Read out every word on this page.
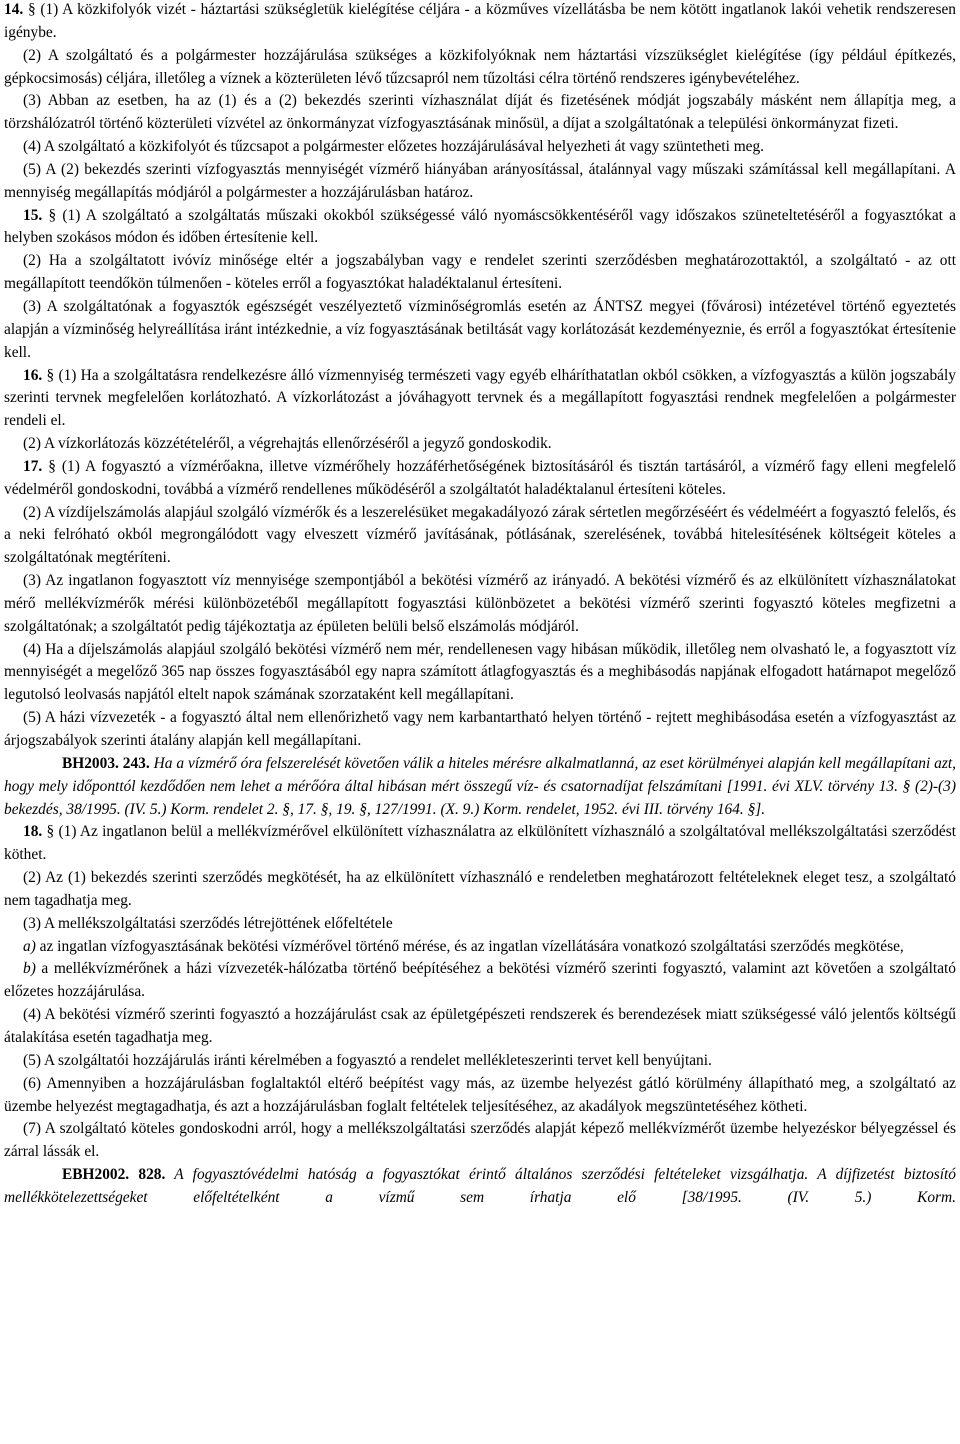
14. § (1) A közkifolyók vizét - háztartási szükségletük kielégítése céljára - a közműves vízellátásba be nem kötött ingatlanok lakói vehetik rendszeresen igénybe.

(2) A szolgáltató és a polgármester hozzájárulása szükséges a közkifolyóknak nem háztartási vízszükséglet kielégítése (így például építkezés, gépkocsimosás) céljára, illetőleg a víznek a közterületen lévő tűzcsapról nem tűzoltási célra történő rendszeres igénybevételéhez.

(3) Abban az esetben, ha az (1) és a (2) bekezdés szerinti vízhasználat díját és fizetésének módját jogszabály másként nem állapítja meg, a törzshálózatról történő közterületi vízvétel az önkormányzat vízfogyasztásának minősül, a díjat a szolgáltatónak a települési önkormányzat fizeti.

(4) A szolgáltató a közkifolyót és tűzcsapot a polgármester előzetes hozzájárulásával helyezheti át vagy szüntetheti meg.

(5) A (2) bekezdés szerinti vízfogyasztás mennyiségét vízmérő hiányában arányosítással, átalánnyal vagy műszaki számítással kell megállapítani. A mennyiség megállapítás módjáról a polgármester a hozzájárulásban határoz.

15. § (1) A szolgáltató a szolgáltatás műszaki okokból szükségessé váló nyomáscsökkentéséről vagy időszakos szüneteltetéséről a fogyasztókat a helyben szokásos módon és időben értesítenie kell.

(2) Ha a szolgáltatott ivóvíz minősége eltér a jogszabályban vagy e rendelet szerinti szerződésben meghatározottaktól, a szolgáltató - az ott megállapított teendőkön túlmenően - köteles erről a fogyasztókat haladéktalanul értesíteni.

(3) A szolgáltatónak a fogyasztók egészségét veszélyeztető vízminőségromlás esetén az ÁNTSZ megyei (fővárosi) intézetével történő egyeztetés alapján a vízminőség helyreállítása iránt intézkednie, a víz fogyasztásának betiltását vagy korlátozását kezdeményeznie, és erről a fogyasztókat értesítenie kell.

16. § (1) Ha a szolgáltatásra rendelkezésre álló vízmennyiség természeti vagy egyéb elháríthatatlan okból csökken, a vízfogyasztás a külön jogszabály szerinti tervnek megfelelően korlátozható. A vízkorlátozást a jóváhagyott tervnek és a megállapított fogyasztási rendnek megfelelően a polgármester rendeli el.

(2) A vízkorlátozás közzétételéről, a végrehajtás ellenőrzéséről a jegyző gondoskodik.

17. § (1) A fogyasztó a vízmérőakna, illetve vízmérőhely hozzáférhetőségének biztosításáról és tisztán tartásáról, a vízmérő fagy elleni megfelelő védelméről gondoskodni, továbbá a vízmérő rendellenes működéséről a szolgáltatót haladéktalanul értesíteni köteles.

(2) A vízdíjelszámolás alapjául szolgáló vízmérők és a leszerelésüket megakadályozó zárak sértetlen megőrzéséért és védelméért a fogyasztó felelős, és a neki felróható okból megrongálódott vagy elveszett vízmérő javításának, pótlásának, szerelésének, továbbá hitelesítésének költségeit köteles a szolgáltatónak megtéríteni.

(3) Az ingatlanon fogyasztott víz mennyisége szempontjából a bekötési vízmérő az irányadó. A bekötési vízmérő és az elkülönített vízhasználatokat mérő mellékvízmérők mérési különbözetéből megállapított fogyasztási különbözetet a bekötési vízmérő szerinti fogyasztó köteles megfizetni a szolgáltatónak; a szolgáltatót pedig tájékoztatja az épületen belüli belső elszámolás módjáról.

(4) Ha a díjelszámolás alapjául szolgáló bekötési vízmérő nem mér, rendellenesen vagy hibásan működik, illetőleg nem olvasható le, a fogyasztott víz mennyiségét a megelőző 365 nap összes fogyasztásából egy napra számított átlagfogyasztás és a meghibásodás napjának elfogadott határnapot megelőző legutolsó leolvasás napjától eltelt napok számának szorzataként kell megállapítani.

(5) A házi vízvezeték - a fogyasztó által nem ellenőrizhető vagy nem karbantartható helyen történő - rejtett meghibásodása esetén a vízfogyasztást az árjogszabályok szerinti átalány alapján kell megállapítani.

BH2003. 243. Ha a vízmérő óra felszerelését követően válik a hiteles mérésre alkalmatlanná, az eset körülményei alapján kell megállapítani azt, hogy mely időponttól kezdődően nem lehet a mérőóra által hibásan mért összegű víz- és csatornadíjat felszámítani [1991. évi XLV. törvény 13. § (2)-(3) bekezdés, 38/1995. (IV. 5.) Korm. rendelet 2. §, 17. §, 19. §, 127/1991. (X. 9.) Korm. rendelet, 1952. évi III. törvény 164. §].

18. § (1) Az ingatlanon belül a mellékvízmérővel elkülönített vízhasználatra az elkülönített vízhasználó a szolgáltatóval mellékszolgáltatási szerződést köthet.

(2) Az (1) bekezdés szerinti szerződés megkötését, ha az elkülönített vízhasználó e rendeletben meghatározott feltételeknek eleget tesz, a szolgáltató nem tagadhatja meg.

(3) A mellékszolgáltatási szerződés létrejöttének előfeltétele

a) az ingatlan vízfogyasztásának bekötési vízmérővel történő mérése, és az ingatlan vízellátására vonatkozó szolgáltatási szerződés megkötése,

b) a mellékvízmérőnek a házi vízvezeték-hálózatba történő beépítéséhez a bekötési vízmérő szerinti fogyasztó, valamint azt követően a szolgáltató előzetes hozzájárulása.

(4) A bekötési vízmérő szerinti fogyasztó a hozzájárulást csak az épületgépészeti rendszerek és berendezések miatt szükségessé váló jelentős költségű átalakítása esetén tagadhatja meg.

(5) A szolgáltatói hozzájárulás iránti kérelmében a fogyasztó a rendelet mellékleteszerinti tervet kell benyújtani.

(6) Amennyiben a hozzájárulásban foglaltaktól eltérő beépítést vagy más, az üzembe helyezést gátló körülmény állapítható meg, a szolgáltató az üzembe helyezést megtagadhatja, és azt a hozzájárulásban foglalt feltételek teljesítéséhez, az akadályok megszüntetéséhez kötheti.

(7) A szolgáltató köteles gondoskodni arról, hogy a mellékszolgáltatási szerződés alapját képező mellékvízmérőt üzembe helyezéskor bélyegzéssel és zárral lássák el.

EBH2002. 828. A fogyasztóvédelmi hatóság a fogyasztókat érintő általános szerződési feltételeket vizsgálhatja. A díjfizetést biztosító mellékkötelezettségeket előfeltételként a vízmű sem írhatja elő [38/1995. (IV. 5.) Korm.
